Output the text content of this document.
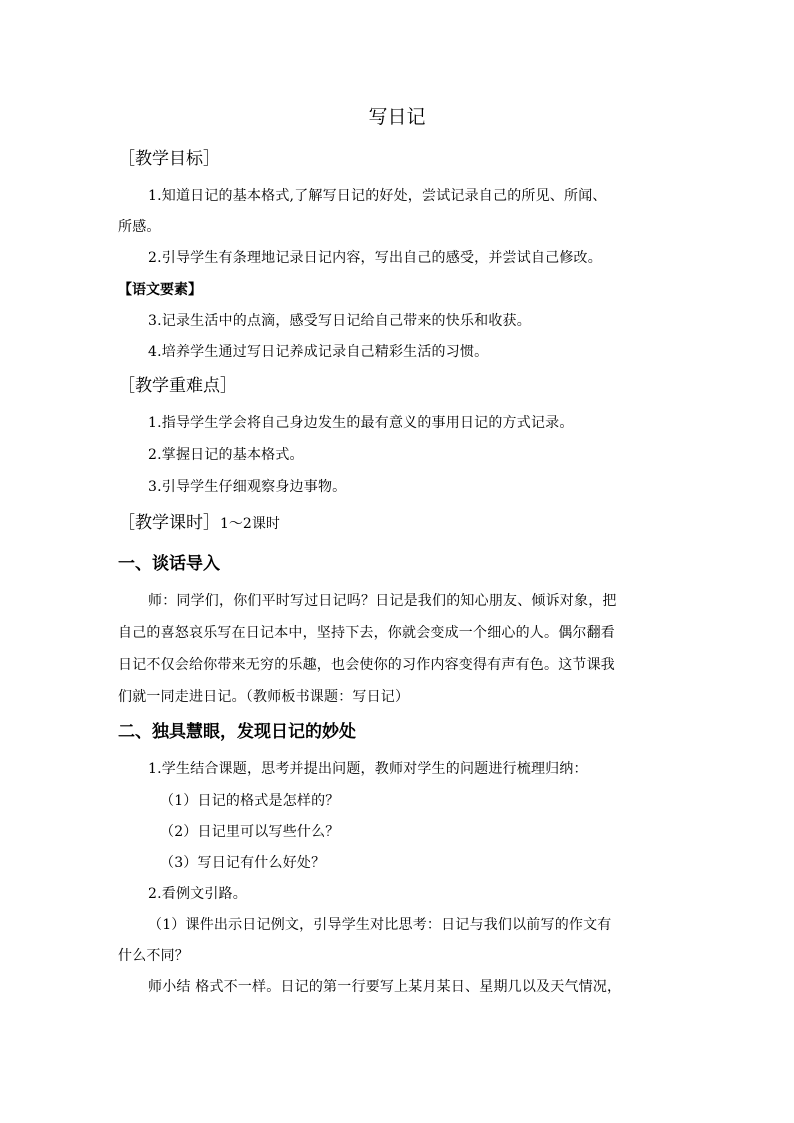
写日记
［教学目标］
1.知道日记的基本格式,了解写日记的好处，尝试记录自己的所见、所闻、
所感。
2.引导学生有条理地记录日记内容，写出自己的感受，并尝试自己修改。
【语文要素】
3.记录生活中的点滴，感受写日记给自己带来的快乐和收获。
4.培养学生通过写日记养成记录自己精彩生活的习惯。
［教学重难点］
1.指导学生学会将自己身边发生的最有意义的事用日记的方式记录。
2.掌握日记的基本格式。
3.引导学生仔细观察身边事物。
［教学课时］1～2课时
一、谈话导入
师：同学们，你们平时写过日记吗？日记是我们的知心朋友、倾诉对象，把
自己的喜怒哀乐写在日记本中，坚持下去，你就会变成一个细心的人。偶尔翻看
日记不仅会给你带来无穷的乐趣，也会使你的习作内容变得有声有色。这节课我
们就一同走进日记。（教师板书课题：写日记）
二、独具慧眼，发现日记的妙处
1.学生结合课题，思考并提出问题，教师对学生的问题进行梳理归纳：
（1）日记的格式是怎样的？
（2）日记里可以写些什么？
（3）写日记有什么好处？
2.看例文引路。
（1）课件出示日记例文，引导学生对比思考：日记与我们以前写的作文有
什么不同？
师小结 格式不一样。日记的第一行要写上某月某日、星期几以及天气情况，
